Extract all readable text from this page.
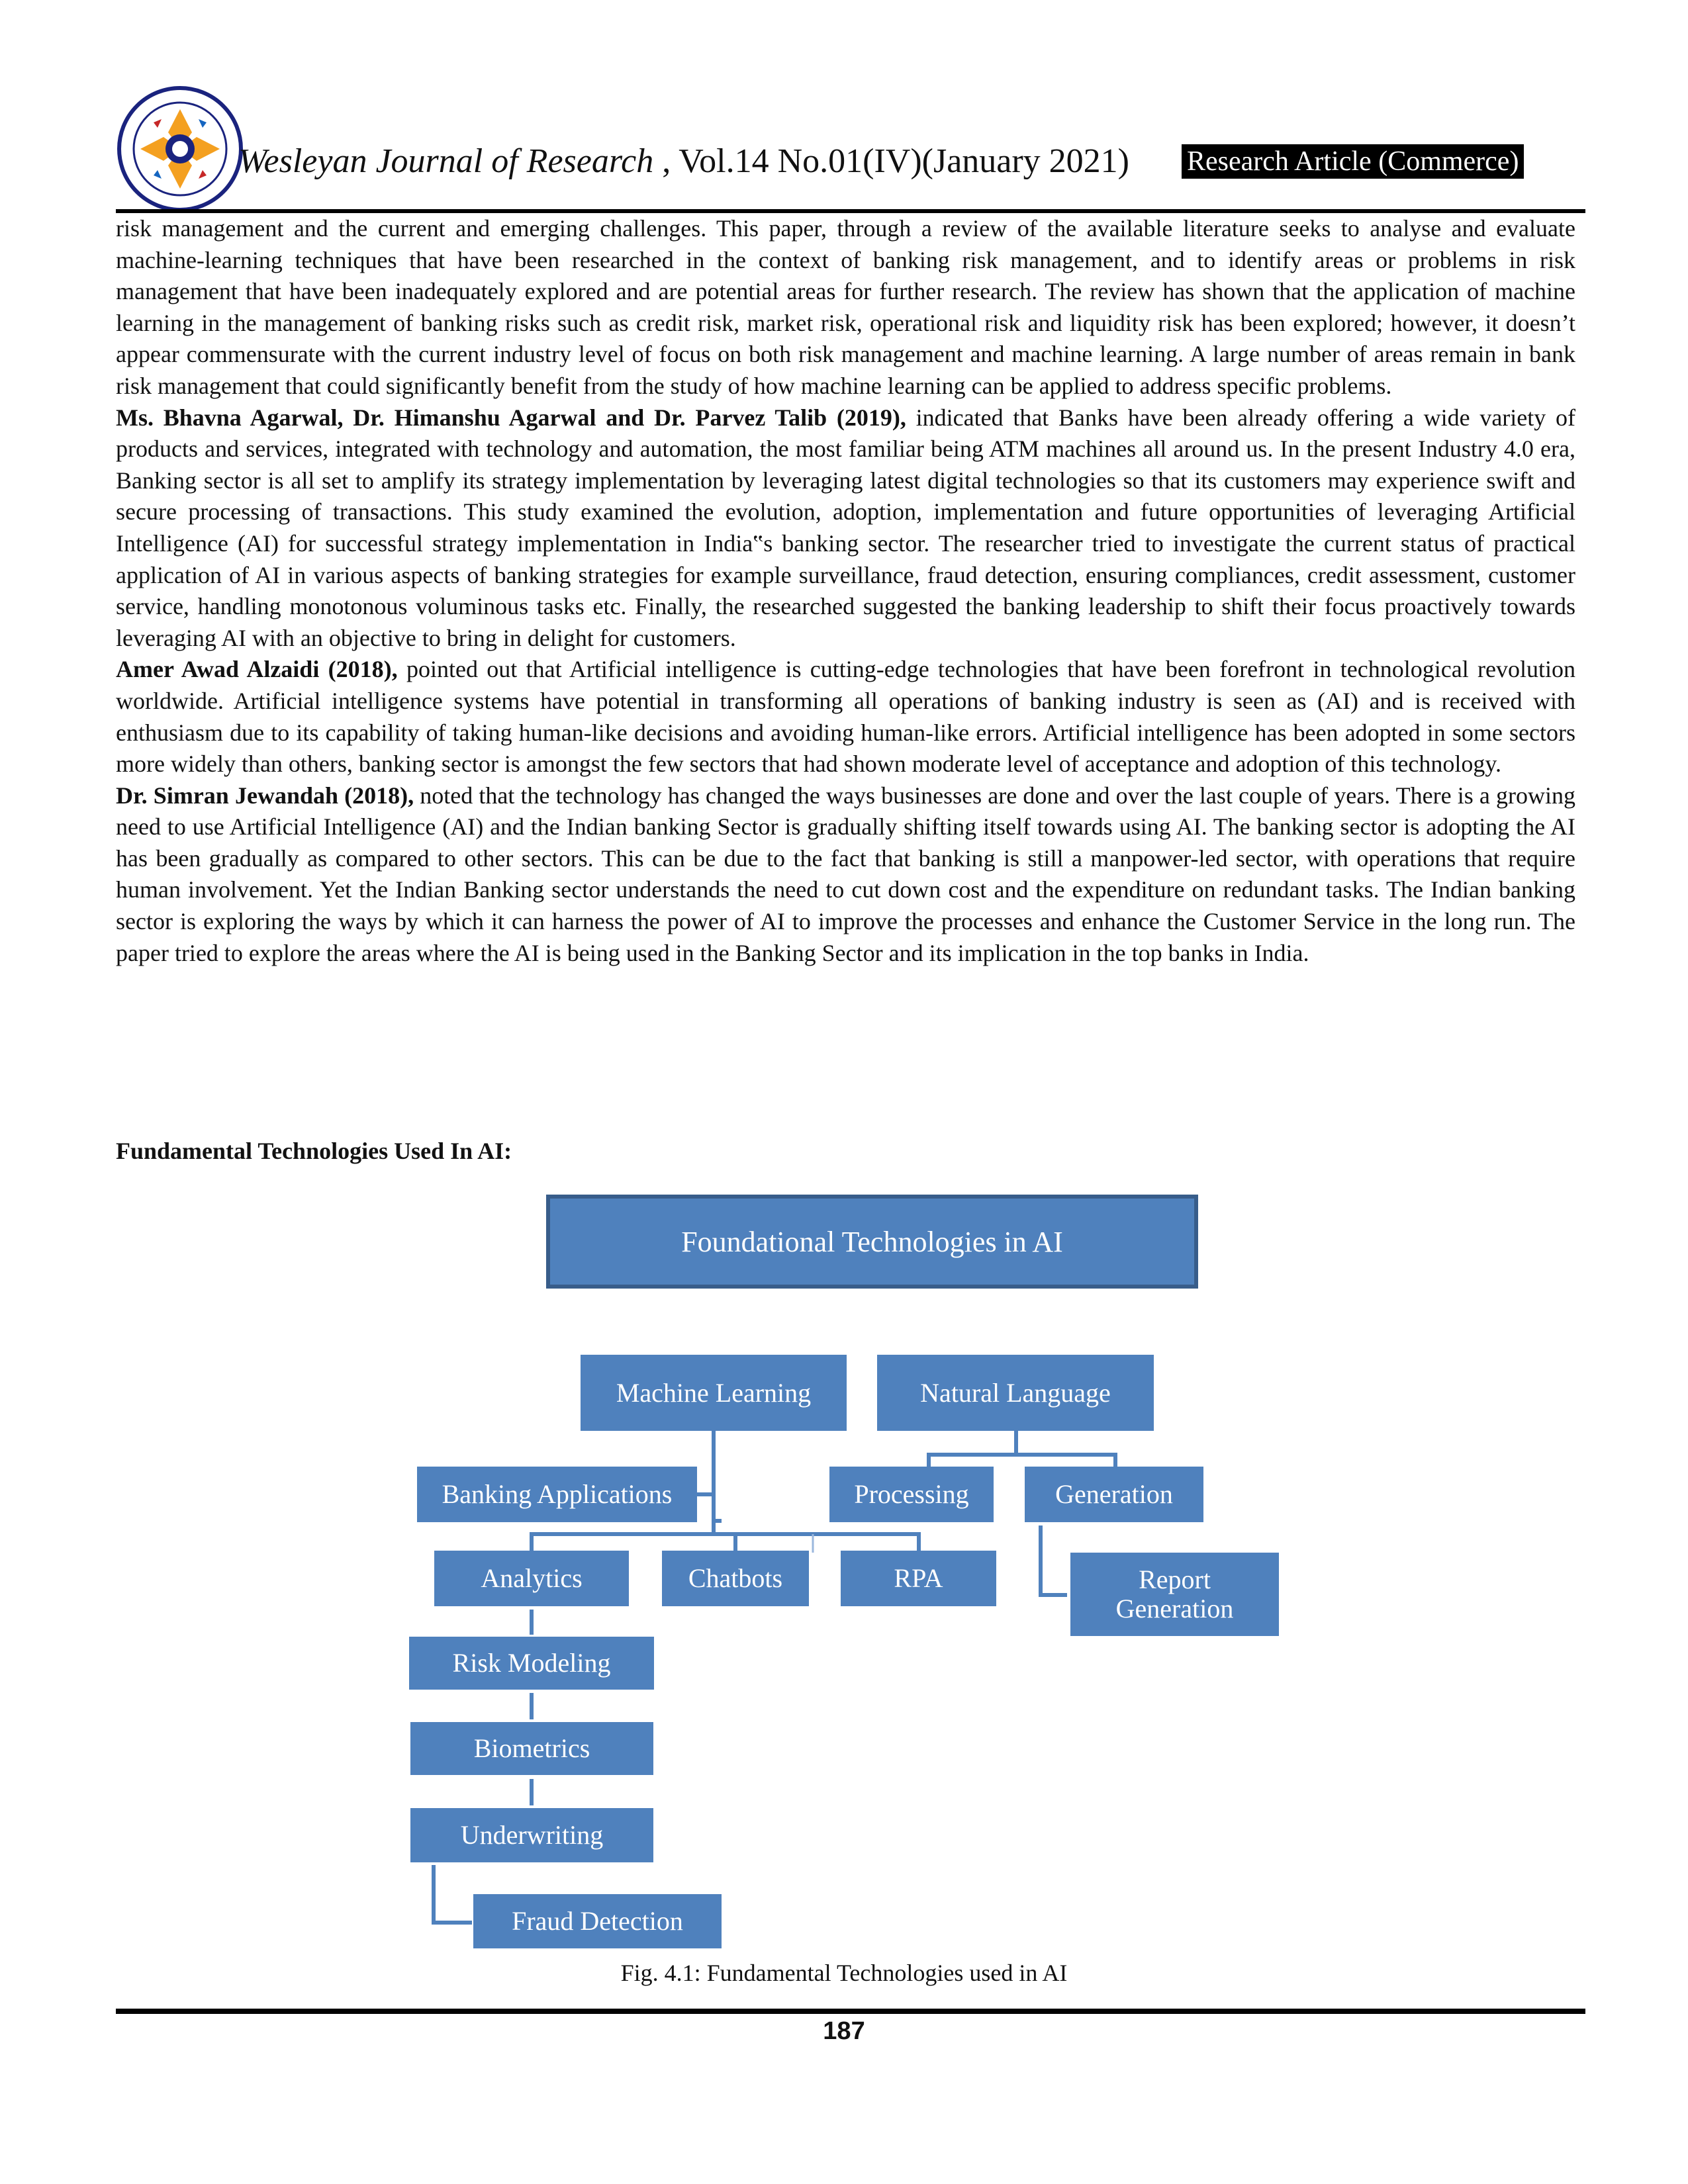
Wesleyan Journal of Research , Vol.14 No.01(IV)(January 2021) Research Article (Commerce)

risk management and the current and emerging challenges. This paper, through a review of the available literature seeks to analyse and evaluate machine-learning techniques that have been researched in the context of banking risk management, and to identify areas or problems in risk management that have been inadequately explored and are potential areas for further research. The review has shown that the application of machine learning in the management of banking risks such as credit risk, market risk, operational risk and liquidity risk has been explored; however, it doesn’t appear commensurate with the current industry level of focus on both risk management and machine learning. A large number of areas remain in bank risk management that could significantly benefit from the study of how machine learning can be applied to address specific problems.

Ms. Bhavna Agarwal, Dr. Himanshu Agarwal and Dr. Parvez Talib (2019), indicated that Banks have been already offering a wide variety of products and services, integrated with technology and automation, the most familiar being ATM machines all around us. In the present Industry 4.0 era, Banking sector is all set to amplify its strategy implementation by leveraging latest digital technologies so that its customers may experience swift and secure processing of transactions. This study examined the evolution, adoption, implementation and future opportunities of leveraging Artificial Intelligence (AI) for successful strategy implementation in India‟s banking sector. The researcher tried to investigate the current status of practical application of AI in various aspects of banking strategies for example surveillance, fraud detection, ensuring compliances, credit assessment, customer service, handling monotonous voluminous tasks etc. Finally, the researched suggested the banking leadership to shift their focus proactively towards leveraging AI with an objective to bring in delight for customers.

Amer Awad Alzaidi (2018), pointed out that Artificial intelligence is cutting-edge technologies that have been forefront in technological revolution worldwide. Artificial intelligence systems have potential in transforming all operations of banking industry is seen as (AI) and is received with enthusiasm due to its capability of taking human-like decisions and avoiding human-like errors. Artificial intelligence has been adopted in some sectors more widely than others, banking sector is amongst the few sectors that had shown moderate level of acceptance and adoption of this technology.

Dr. Simran Jewandah (2018), noted that the technology has changed the ways businesses are done and over the last couple of years. There is a growing need to use Artificial Intelligence (AI) and the Indian banking Sector is gradually shifting itself towards using AI. The banking sector is adopting the AI has been gradually as compared to other sectors. This can be due to the fact that banking is still a manpower-led sector, with operations that require human involvement. Yet the Indian Banking sector understands the need to cut down cost and the expenditure on redundant tasks. The Indian banking sector is exploring the ways by which it can harness the power of AI to improve the processes and enhance the Customer Service in the long run. The paper tried to explore the areas where the AI is being used in the Banking Sector and its implication in the top banks in India.

Fundamental Technologies Used In AI:
Foundational Technologies in AI
Machine Learning	Natural Language
Banking Applications	Processing	Generation
Analytics	Chatbots	RPA	Report
Generation
Risk Modeling
Biometrics
Underwriting
Fraud Detection
Fig. 4.1: Fundamental Technologies used in AI
187
